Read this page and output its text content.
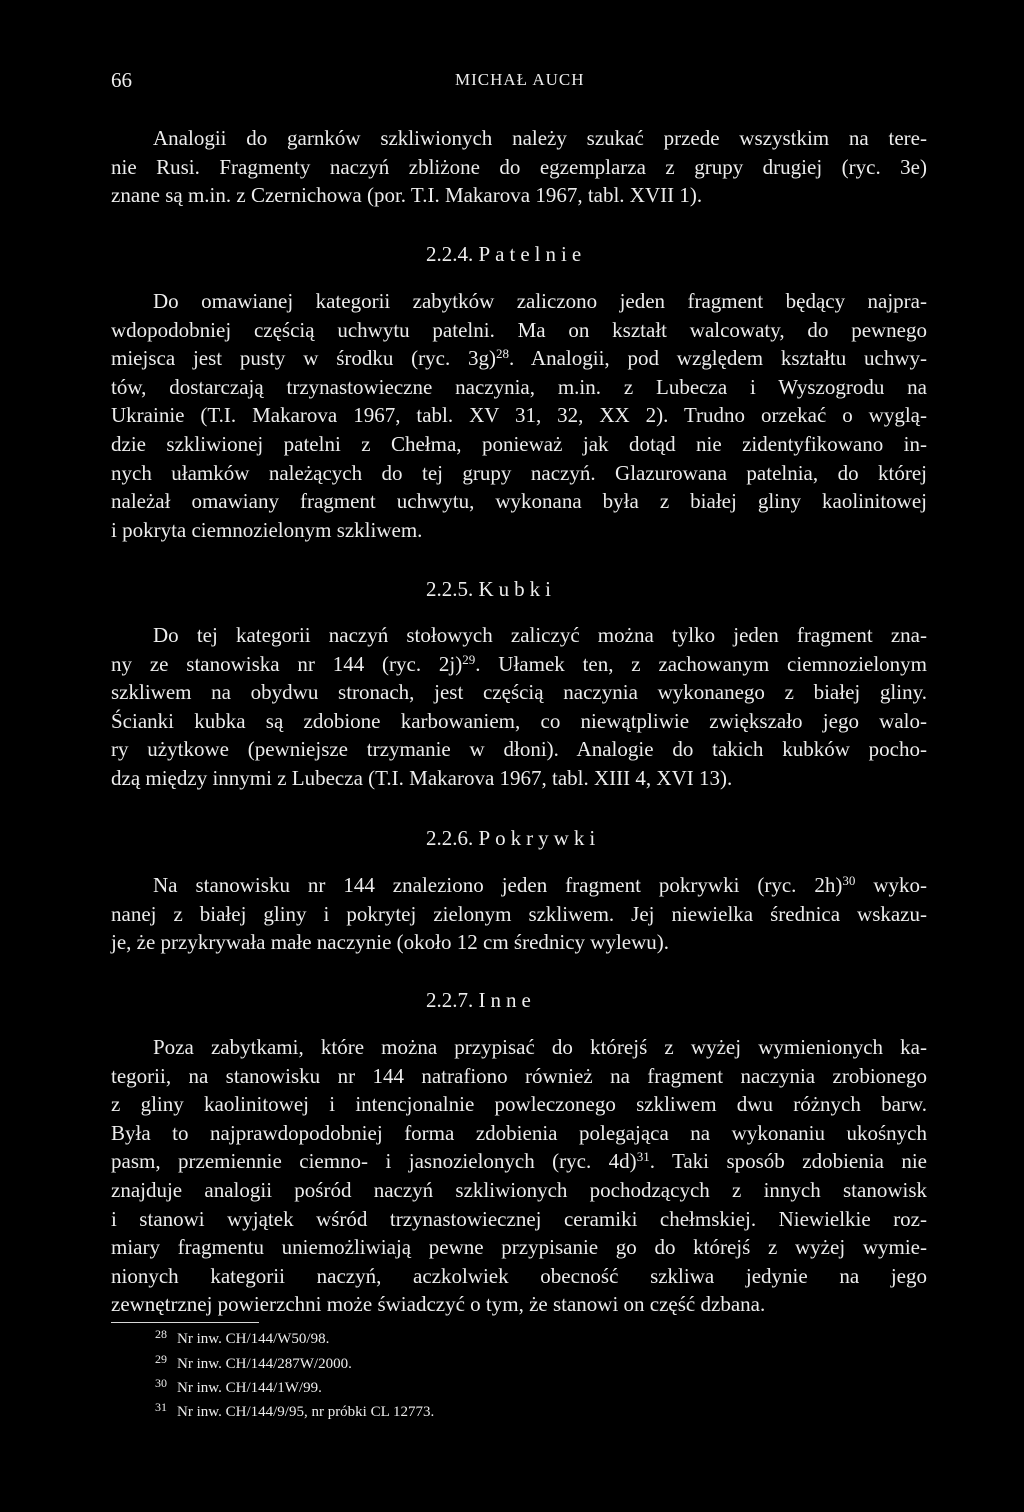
66	MICHAŁ AUCH
Analogii do garnków szkliwionych należy szukać przede wszystkim na tere-
nie Rusi. Fragmenty naczyń zbliżone do egzemplarza z grupy drugiej (ryc. 3e)
znane są m.in. z Czernichowa (por. T.I. Makarova 1967, tabl. XVII 1).
2.2.4. Patelnie
Do omawianej kategorii zabytków zaliczono jeden fragment będący najpra-
wdopodobniej częścią uchwytu patelni. Ma on kształt walcowaty, do pewnego
miejsca jest pusty w środku (ryc. 3g)$^{28}$. Analogii, pod względem kształtu uchwy-
tów, dostarczają trzynastowieczne naczynia, m.in. z Lubecza i Wyszogrodu na
Ukrainie (T.I. Makarova 1967, tabl. XV 31, 32, XX 2). Trudno orzekać o wyglą-
dzie szkliwionej patelni z Chełma, ponieważ jak dotąd nie zidentyfikowano in-
nych ułamków należących do tej grupy naczyń. Glazurowana patelnia, do której
należał omawiany fragment uchwytu, wykonana była z białej gliny kaolinitowej
i pokryta ciemnozielonym szkliwem.
2.2.5. Kubki
Do tej kategorii naczyń stołowych zaliczyć można tylko jeden fragment zna-
ny ze stanowiska nr 144 (ryc. 2j)$^{29}$. Ułamek ten, z zachowanym ciemnozielonym
szkliwem na obydwu stronach, jest częścią naczynia wykonanego z białej gliny.
Ścianki kubka są zdobione karbowaniem, co niewątpliwie zwiększało jego walo-
ry użytkowe (pewniejsze trzymanie w dłoni). Analogie do takich kubków pocho-
dzą między innymi z Lubecza (T.I. Makarova 1967, tabl. XIII 4, XVI 13).
2.2.6. Pokrywki
Na stanowisku nr 144 znaleziono jeden fragment pokrywki (ryc. 2h)$^{30}$ wyko-
nanej z białej gliny i pokrytej zielonym szkliwem. Jej niewielka średnica wskazu-
je, że przykrywała małe naczynie (około 12 cm średnicy wylewu).
2.2.7. Inne
Poza zabytkami, które można przypisać do którejś z wyżej wymienionych ka-
tegorii, na stanowisku nr 144 natrafiono również na fragment naczynia zrobionego
z gliny kaolinitowej i intencjonalnie powleczonego szkliwem dwu różnych barw.
Była to najprawdopodobniej forma zdobienia polegająca na wykonaniu ukośnych
pasm, przemiennie ciemno- i jasnozielonych (ryc. 4d)$^{31}$. Taki sposób zdobienia nie
znajduje analogii pośród naczyń szkliwionych pochodzących z innych stanowisk
i stanowi wyjątek wśród trzynastowiecznej ceramiki chełmskiej. Niewielkie roz-
miary fragmentu uniemożliwiają pewne przypisanie go do którejś z wyżej wymie-
nionych kategorii naczyń, aczkolwiek obecność szkliwa jedynie na jego
zewnętrznej powierzchni może świadczyć o tym, że stanowi on część dzbana.
$^{28}$ Nr inw. CH/144/W50/98.
$^{29}$ Nr inw. CH/144/287W/2000.
$^{30}$ Nr inw. CH/144/1W/99.
$^{31}$ Nr inw. CH/144/9/95, nr próbki CL 12773.
